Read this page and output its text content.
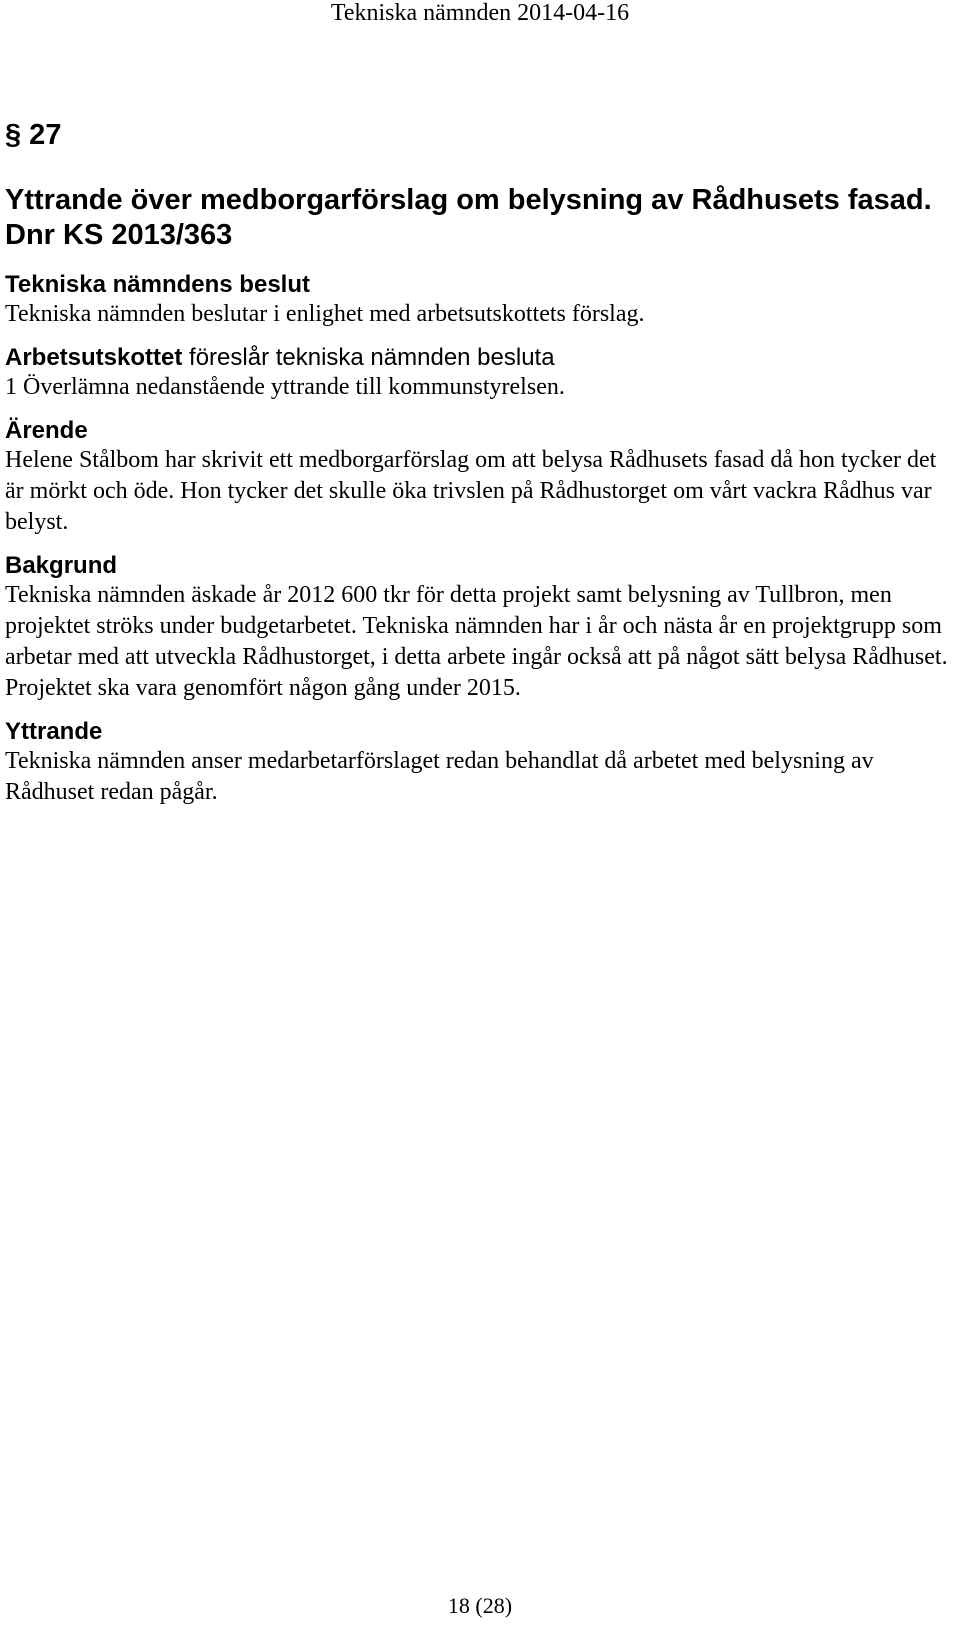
Tekniska nämnden 2014-04-16
§ 27
Yttrande över medborgarförslag om belysning av Rådhusets fasad. Dnr KS 2013/363
Tekniska nämndens beslut
Tekniska nämnden beslutar i enlighet med arbetsutskottets förslag.
Arbetsutskottet föreslår tekniska nämnden besluta
1 Överlämna nedanstående yttrande till kommunstyrelsen.
Ärende
Helene Stålbom har skrivit ett medborgarförslag om att belysa Rådhusets fasad då hon tycker det är mörkt och öde. Hon tycker det skulle öka trivslen på Rådhustorget om vårt vackra Rådhus var belyst.
Bakgrund
Tekniska nämnden äskade år 2012 600 tkr för detta projekt samt belysning av Tullbron, men projektet ströks under budgetarbetet. Tekniska nämnden har i år och nästa år en projektgrupp som arbetar med att utveckla Rådhustorget, i detta arbete ingår också att på något sätt belysa Rådhuset. Projektet ska vara genomfört någon gång under 2015.
Yttrande
Tekniska nämnden anser medarbetarförslaget redan behandlat då arbetet med belysning av Rådhuset redan pågår.
18 (28)
